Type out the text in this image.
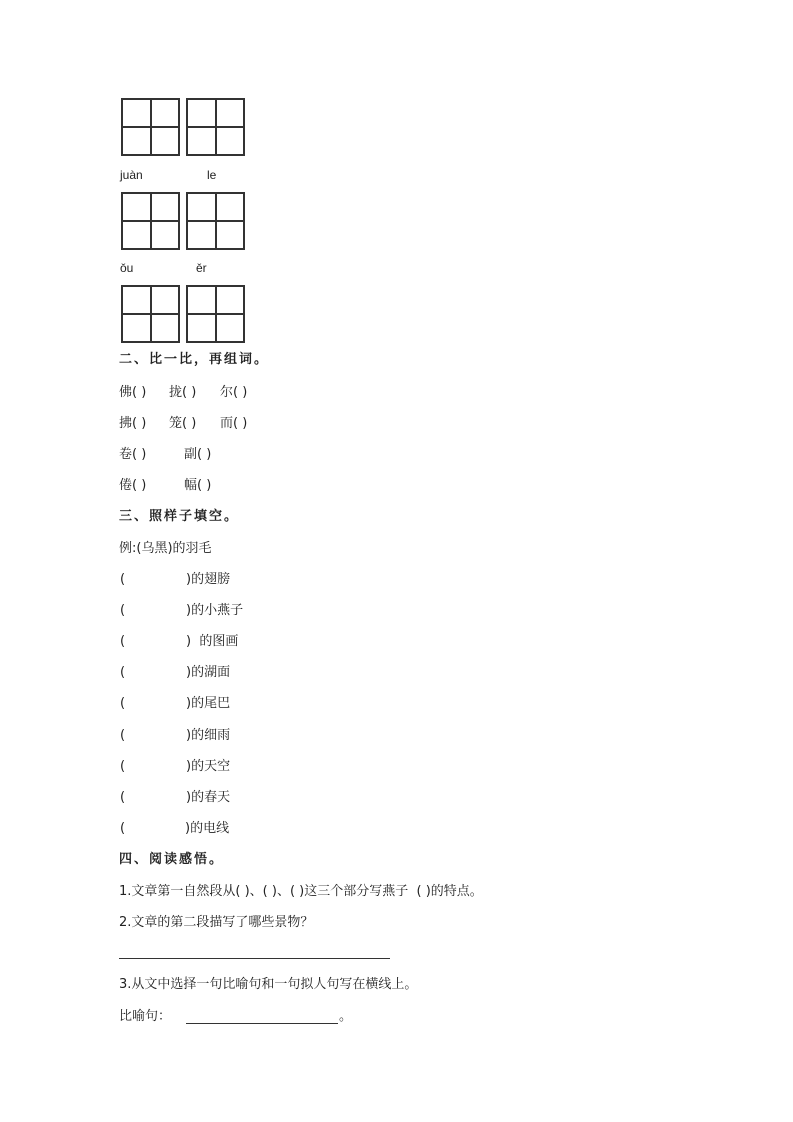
juàn	le
ǒu	ěr
二、比一比，再组词。
佛( ) 拢( ) 尔( )
拂( ) 笼( ) 而( )
卷( )	副( )
倦( )	幅( )
三、照样子填空。
例:(乌黑)的羽毛
(	)的翅膀
(	)的小燕子
(	)  的图画
(	)的湖面
(	)的尾巴
(	)的细雨
(	)的天空
(	)的春天
(	)的电线
四、阅读感悟。
1.文章第一自然段从( )、( )、( )这三个部分写燕子  ( )的特点。
2.文章的第二段描写了哪些景物？
3.从文中选择一句比喻句和一句拟人句写在横线上。
比喻句：	。
